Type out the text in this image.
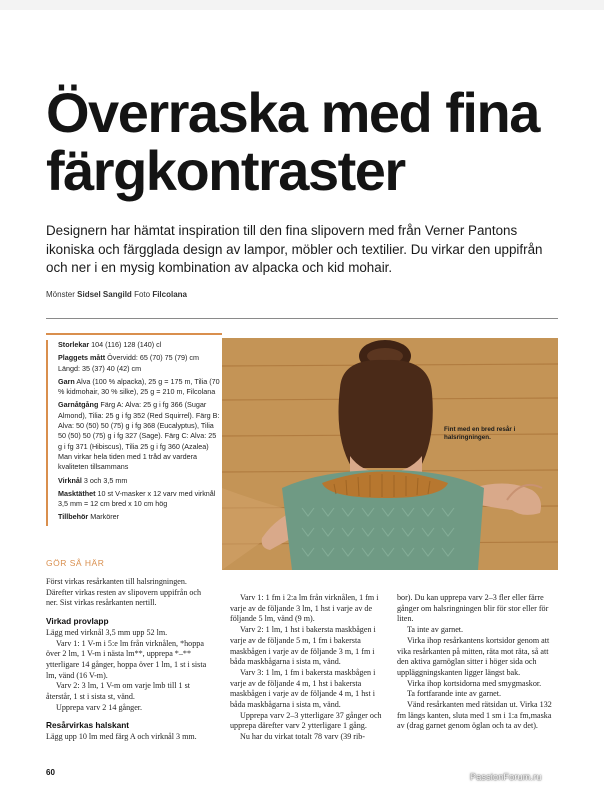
Överraska med fina färgkontraster

Designern har hämtat inspiration till den fina slipovern med från Verner Pantons ikoniska och färgglada design av lampor, möbler och textilier. Du virkar den uppifrån och ner i en mysig kombination av alpacka och kid mohair.

Mönster Sidsel Sangild Foto Filcolana

Storlekar 104 (116) 128 (140) cl

Plaggets mått Övervidd: 65 (70) 75 (79) cm Längd: 35 (37) 40 (42) cm

Garn Alva (100 % alpacka), 25 g = 175 m, Tilia (70 % kidmohair, 30 % silke), 25 g = 210 m, Filcolana

Garnåtgång Färg A: Alva: 25 g i fg 366 (Sugar Almond), Tilia: 25 g i fg 352 (Red Squirrel). Färg B: Alva: 50 (50) 50 (75) g i fg 368 (Eucalyptus), Tilia 50 (50) 50 (75) g i fg 327 (Sage). Färg C: Alva: 25 g i fg 371 (Hibiscus), Tilia 25 g i fg 360 (Azalea) Man virkar hela tiden med 1 tråd av vardera kvaliteten tillsammans

Virknål 3 och 3,5 mm

Masktäthet 10 st V-masker x 12 varv med virknål 3,5 mm = 12 cm bred x 10 cm hög

Tillbehör Markörer

Fint med en bred resår i halsringningen.
GÖR SÅ HÄR

Först virkas resårkanten till halsringningen. Därefter virkas resten av slipovern uppifrån och ner. Sist virkas resårkanten nertill.

Virkad provlapp

Lägg med virknål 3,5 mm upp 52 lm.

Varv 1: 1 V-m i 5:e lm från virknålen, *hoppa över 2 lm, 1 V-m i nästa lm**, upprepa *–** ytterligare 14 gånger, hoppa över 1 lm, 1 st i sista lm, vänd (16 V-m).

Varv 2: 3 lm, 1 V-m om varje lmb till 1 st återstår, 1 st i sista st, vänd.

Upprepa varv 2 14 gånger.

Resårvirkas halskant

Lägg upp 10 lm med färg A och virknål 3 mm.

Varv 1: 1 fm i 2:a lm från virknålen, 1 fm i varje av de följande 3 lm, 1 hst i varje av de följande 5 lm, vänd (9 m).

Varv 2: 1 lm, 1 hst i bakersta maskbågen i varje av de följande 5 m, 1 fm i bakersta maskbågen i varje av de följande 3 m, 1 fm i båda maskbågarna i sista m, vänd.

Varv 3: 1 lm, 1 fm i bakersta maskbågen i varje av de följande 4 m, 1 hst i bakersta maskbågen i varje av de följande 4 m, 1 hst i båda maskbågarna i sista m, vänd.

Upprepa varv 2–3 ytterligare 37 gånger och upprepa därefter varv 2 ytterligare 1 gång.

Nu har du virkat totalt 78 varv (39 rib-

bor). Du kan upprepa varv 2–3 fler eller färre gånger om halsringningen blir för stor eller för liten.

Ta inte av garnet.

Virka ihop resårkantens kortsidor genom att vika resårkanten på mitten, räta mot räta, så att den aktiva garnöglan sitter i höger sida och uppläggningskanten ligger längst bak.

Virka ihop kortsidorna med smygmaskor.

Ta fortfarande inte av garnet.

Vänd resårkanten med rätsidan ut. Virka 132 fm längs kanten, sluta med 1 sm i 1:a fm,maska av (drag garnet genom öglan och ta av det).

60	PassionForum.ru
